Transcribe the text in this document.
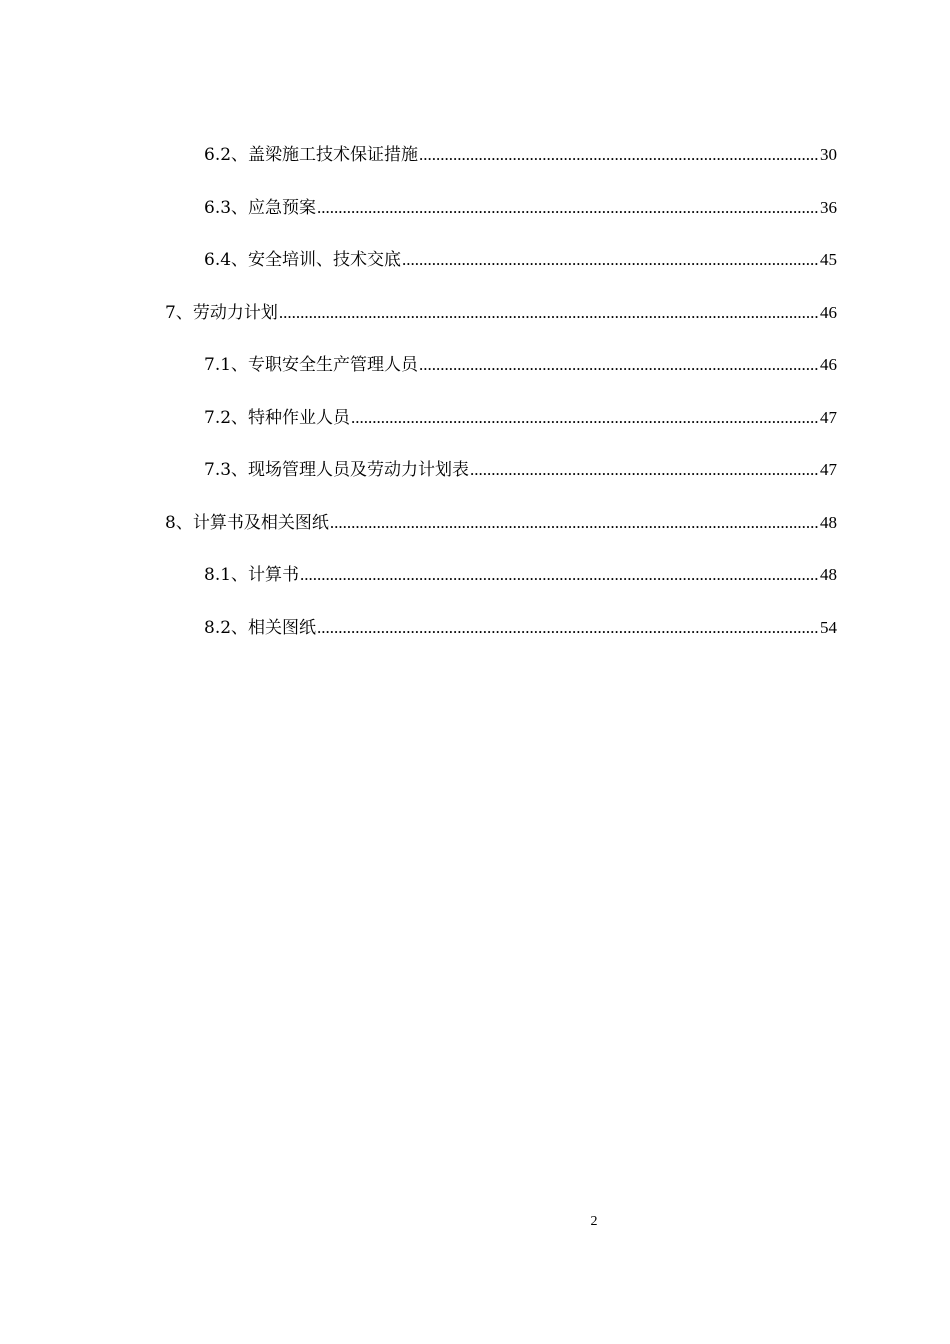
6.2、盖梁施工技术保证措施 .....	30
6.3、应急预案 .....	36
6.4、安全培训、技术交底 .....	45
7、劳动力计划 .....	46
7.1、专职安全生产管理人员 .....	46
7.2、特种作业人员 .....	47
7.3、现场管理人员及劳动力计划表 .....	47
8、计算书及相关图纸 .....	48
8.1、计算书 .....	48
8.2、相关图纸 .....	54
2
